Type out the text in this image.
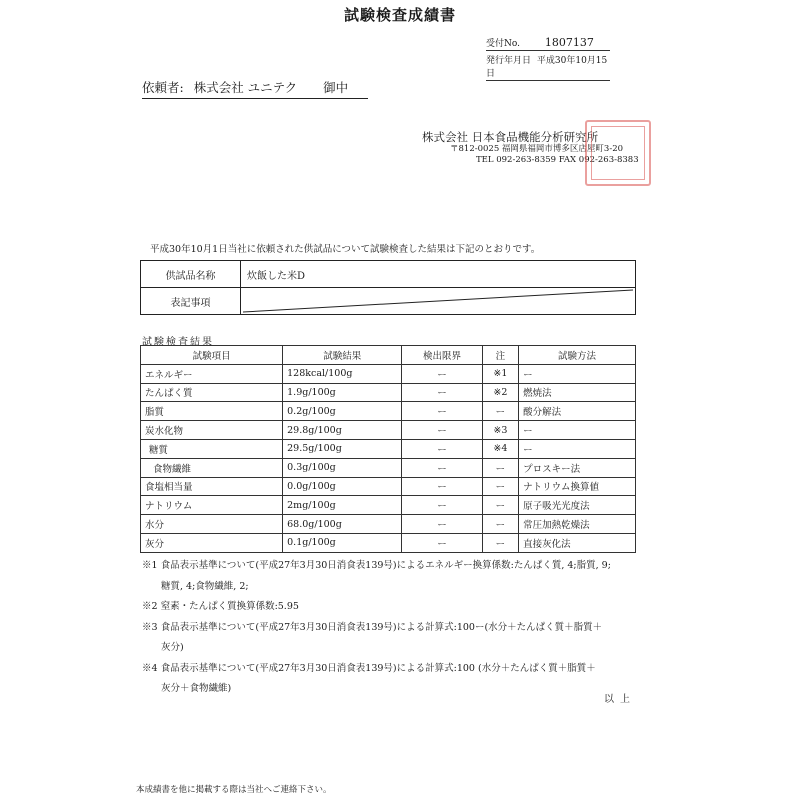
試験検査成績書
受付No. 1807137
発行年月日 平成30年10月15日
依頼者: 株式会社 ユニテク 御中
株式会社 日本食品機能分析研究所
〒812-0025 福岡県福岡市博多区店屋町3-20
TEL 092-263-8359 FAX 092-263-8383
平成30年10月1日当社に依頼された供試品について試験検査した結果は下記のとおりです。
供試品名称	炊飯した米D
表記事項	
試験検査結果
試験項目	試験結果	検出限界	注	試験方法
エネルギー	128kcal/100g	ー	※1	ー
たんぱく質	1.9g/100g	ー	※2	燃焼法
脂質	0.2g/100g	ー	ー	酸分解法
炭水化物	29.8g/100g	ー	※3	ー
糖質	29.5g/100g	ー	※4	ー
食物繊維	0.3g/100g	ー	ー	プロスキー法
食塩相当量	0.0g/100g	ー	ー	ナトリウム換算値
ナトリウム	2mg/100g	ー	ー	原子吸光光度法
水分	68.0g/100g	ー	ー	常圧加熱乾燥法
灰分	0.1g/100g	ー	ー	直接灰化法
※1 食品表示基準について(平成27年3月30日消食表139号)によるエネルギー換算係数:たんぱく質, 4;脂質, 9;
　　糖質, 4;食物繊維, 2;
※2 窒素・たんぱく質換算係数:5.95
※3 食品表示基準について(平成27年3月30日消食表139号)による計算式:100ー(水分＋たんぱく質＋脂質＋
　　灰分)
※4 食品表示基準について(平成27年3月30日消食表139号)による計算式:100 (水分＋たんぱく質＋脂質＋
　　灰分＋食物繊維)
以上
本成績書を他に掲載する際は当社へご連絡下さい。
